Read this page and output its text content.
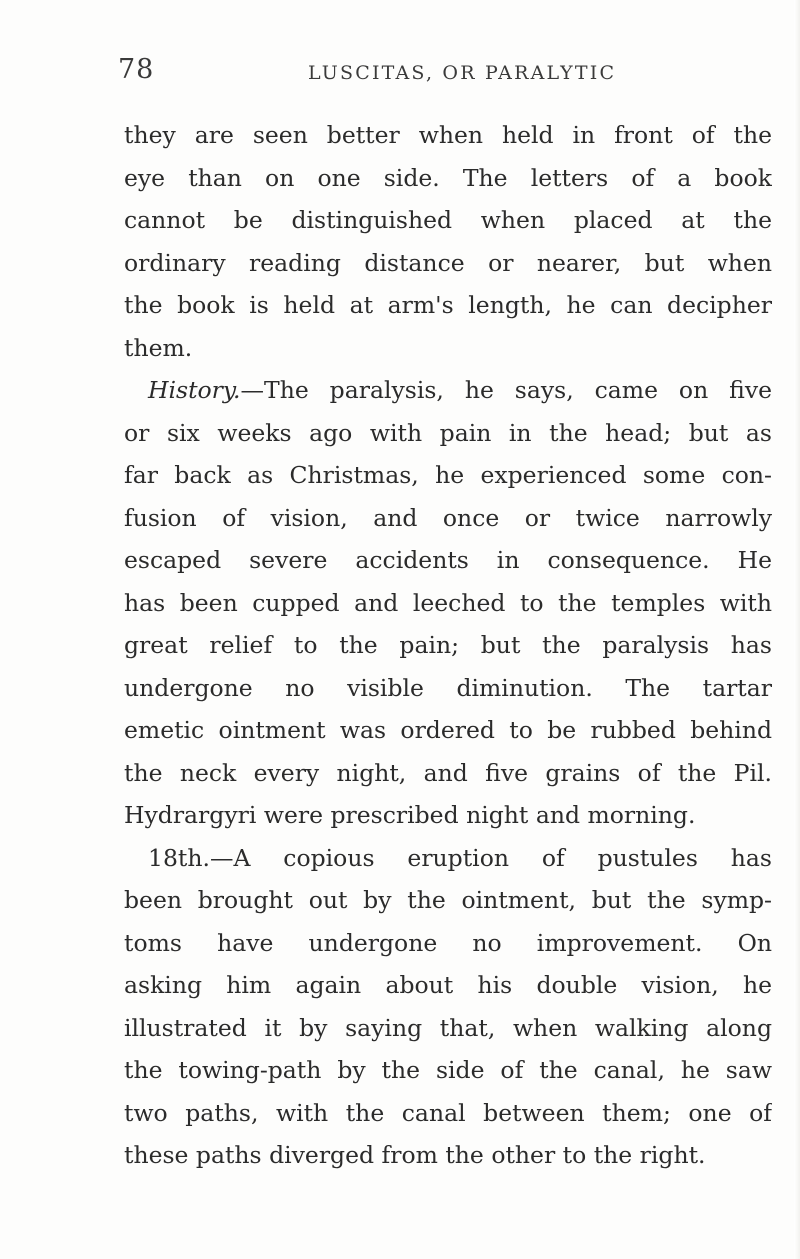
78	LUSCITAS, OR PARALYTIC
they are seen better when held in front of the
eye than on one side. The letters of a book
cannot be distinguished when placed at the
ordinary reading distance or nearer, but when
the book is held at arm's length, he can decipher
them.
History.—The paralysis, he says, came on five
or six weeks ago with pain in the head; but as
far back as Christmas, he experienced some con-
fusion of vision, and once or twice narrowly
escaped severe accidents in consequence. He
has been cupped and leeched to the temples with
great relief to the pain; but the paralysis has
undergone no visible diminution. The tartar
emetic ointment was ordered to be rubbed behind
the neck every night, and five grains of the Pil.
Hydrargyri were prescribed night and morning.
18th.—A copious eruption of pustules has
been brought out by the ointment, but the symp-
toms have undergone no improvement. On
asking him again about his double vision, he
illustrated it by saying that, when walking along
the towing-path by the side of the canal, he saw
two paths, with the canal between them; one of
these paths diverged from the other to the right.
